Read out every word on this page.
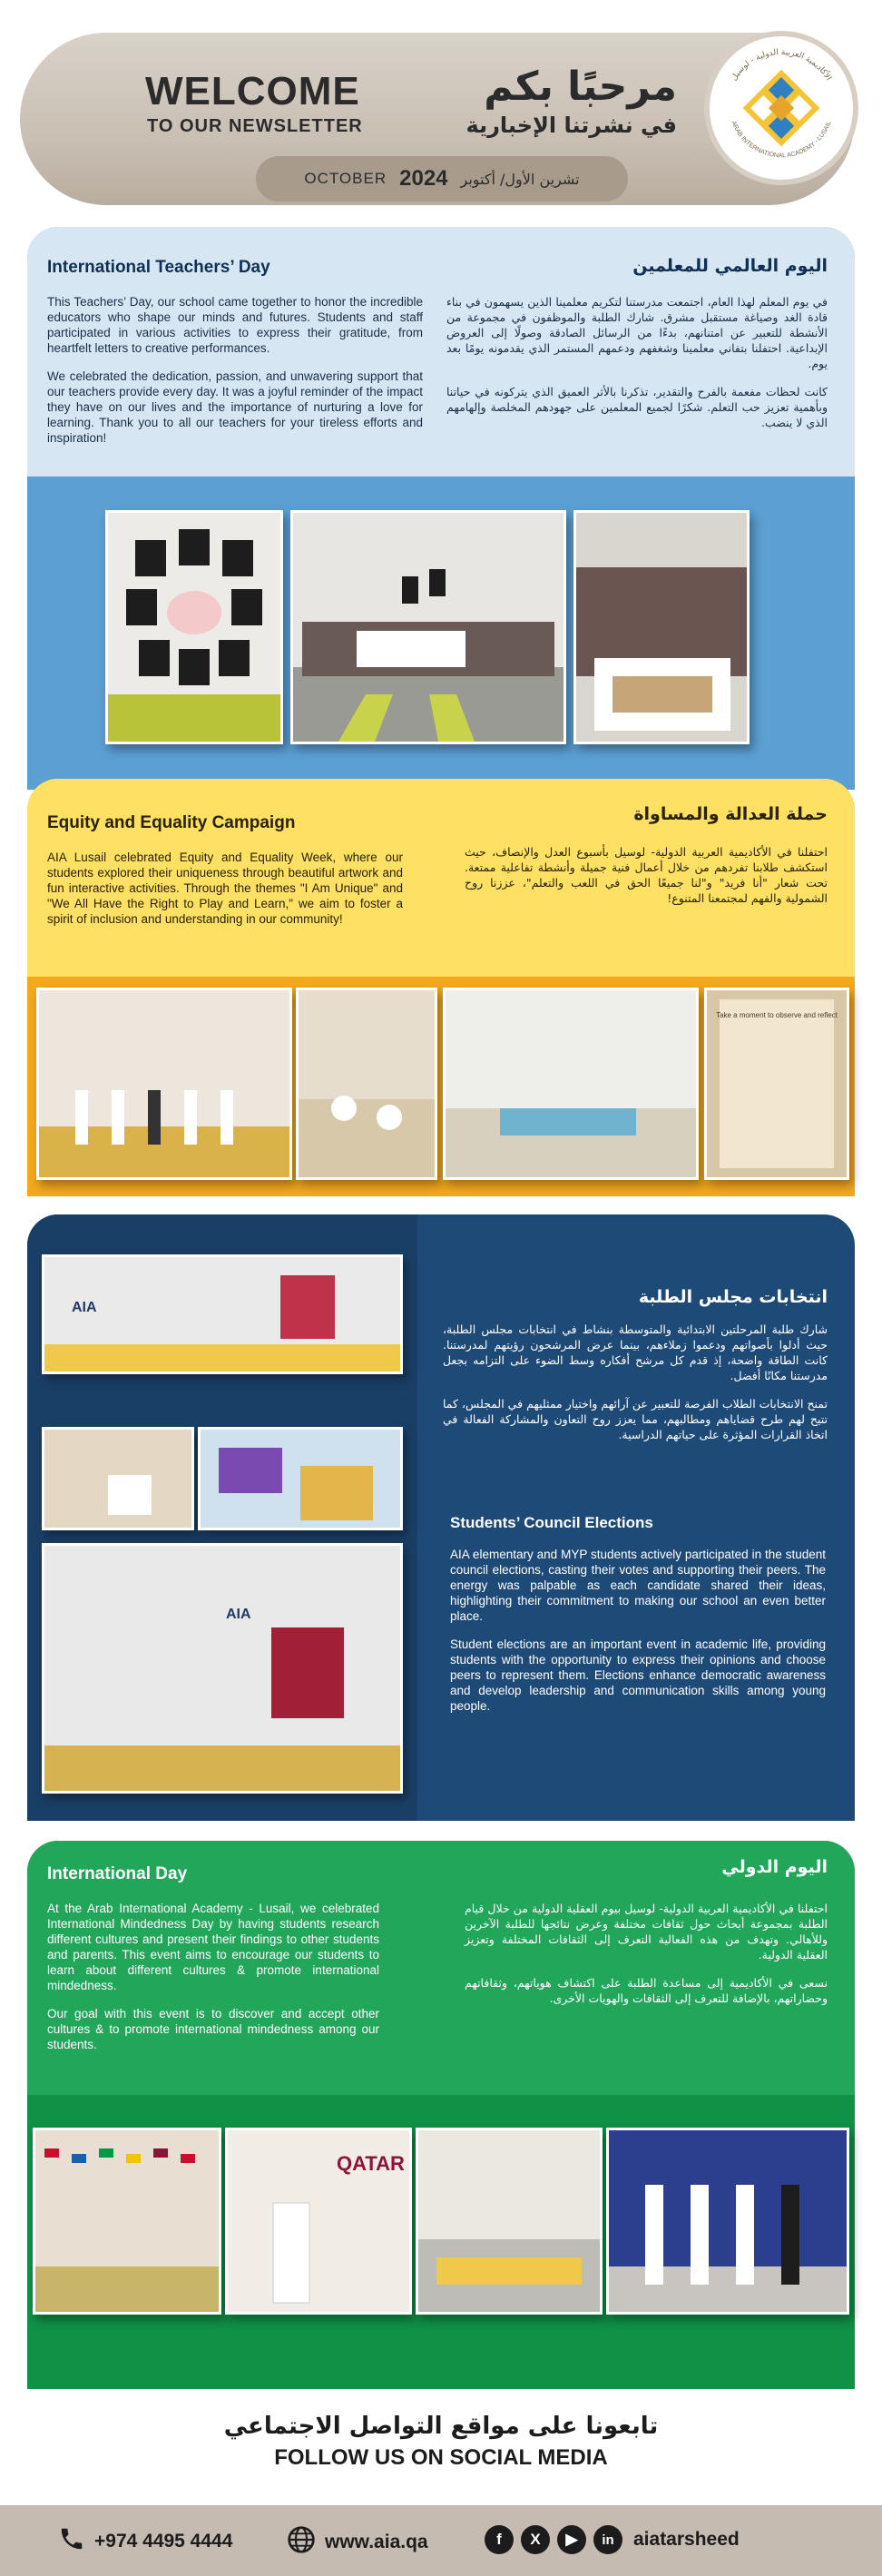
WELCOME
TO OUR NEWSLETTER
مرحبًا بكم
في نشرتنا الإخبارية
OCTOBER 2024 تشرين الأول/ أكتوبر
الأكاديمية العربية الدولية - لوسيل
ARAB INTERNATIONAL ACADEMY - LUSAIL
International Teachers’ Day	اليوم العالمي للمعلمين

This Teachers’ Day, our school came together to honor the incredible educators who shape our minds and futures. Students and staff participated in various activities to express their gratitude, from heartfelt letters to creative performances.

We celebrated the dedication, passion, and unwavering support that our teachers provide every day. It was a joyful reminder of the impact they have on our lives and the importance of nurturing a love for learning. Thank you to all our teachers for your tireless efforts and inspiration!

في يوم المعلم لهذا العام، اجتمعت مدرستنا لتكريم معلمينا الذين يسهمون في بناء قادة الغد وصياغة مستقبل مشرق. شارك الطلبة والموظفون في مجموعة من الأنشطة للتعبير عن امتنانهم، بدءًا من الرسائل الصادقة وصولًا إلى العروض الإبداعية. احتفلنا بتفاني معلمينا وشغفهم ودعمهم المستمر الذي يقدمونه يومًا بعد يوم.

كانت لحظات مفعمة بالفرح والتقدير، تذكرنا بالأثر العميق الذي يتركونه في حياتنا وبأهمية تعزيز حب التعلم. شكرًا لجميع المعلمين على جهودهم المخلصة وإلهامهم الذي لا ينضب.

Equity and Equality Campaign	حملة العدالة والمساواة

AIA Lusail celebrated Equity and Equality Week, where our students explored their uniqueness through beautiful artwork and fun interactive activities. Through the themes "I Am Unique" and "We All Have the Right to Play and Learn," we aim to foster a spirit of inclusion and understanding in our community!

احتفلنا في الأكاديمية العربية الدولية- لوسيل بأسبوع العدل والإنصاف، حيث استكشف طلابنا تفردهم من خلال أعمال فنية جميلة وأنشطة تفاعلية ممتعة. تحت شعار "أنا فريد" و"لنا جميعًا الحق في اللعب والتعلم"، عززنا روح الشمولية والفهم لمجتمعنا المتنوع!

Take a moment to observe and reflect
AIA
AIA
انتخابات مجلس الطلبة

شارك طلبة المرحلتين الابتدائية والمتوسطة بنشاط في انتخابات مجلس الطلبة، حيث أدلوا بأصواتهم ودعموا زملاءهم، بينما عرض المرشحون رؤيتهم لمدرستنا. كانت الطاقة واضحة، إذ قدم كل مرشح أفكاره وسط الضوء على التزامه بجعل مدرستنا مكانًا أفضل.

تمنح الانتخابات الطلاب الفرصة للتعبير عن آرائهم واختيار ممثليهم في المجلس، كما تتيح لهم طرح قضاياهم ومطالبهم، مما يعزز روح التعاون والمشاركة الفعالة في اتخاذ القرارات المؤثرة على حياتهم الدراسية.

Students’ Council Elections

AIA elementary and MYP students actively participated in the student council elections, casting their votes and supporting their peers. The energy was palpable as each candidate shared their ideas, highlighting their commitment to making our school an even better place.

Student elections are an important event in academic life, providing students with the opportunity to express their opinions and choose peers to represent them. Elections enhance democratic awareness and develop leadership and communication skills among young people.

International Day	اليوم الدولي

At the Arab International Academy - Lusail, we celebrated International Mindedness Day by having students research different cultures and present their findings to other students and parents. This event aims to encourage our students to learn about different cultures & promote international mindedness.

Our goal with this event is to discover and accept other cultures & to promote international mindedness among our students.

احتفلنا في الأكاديمية العربية الدولية- لوسيل بيوم العقلية الدولية من خلال قيام الطلبة بمجموعة أبحاث حول ثقافات مختلفة وعرض نتائجها للطلبة الآخرين وللأهالي. وتهدف من هذه الفعالية التعرف إلى الثقافات المختلفة وتعزيز العقلية الدولية.

نسعى في الأكاديمية إلى مساعدة الطلبة على اكتشاف هوياتهم، وثقافاتهم وحضاراتهم، بالإضافة للتعرف إلى الثقافات والهويات الأخرى.

QATAR
تابعونا على مواقع التواصل الاجتماعي
FOLLOW US ON SOCIAL MEDIA
+974 4495 4444	www.aia.qa	f	X	▶	in	aiatarsheed
